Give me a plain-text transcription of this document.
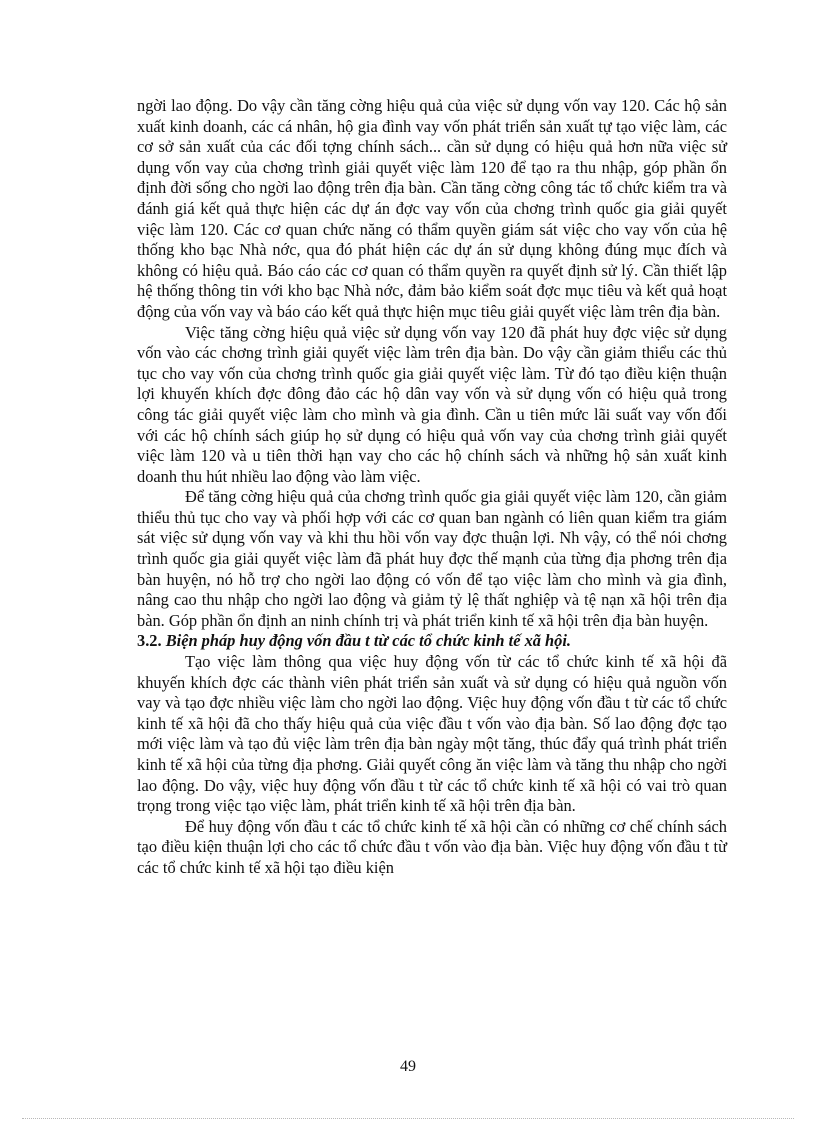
ngời lao động. Do vậy cần tăng cờng hiệu quả của việc sử dụng vốn vay 120. Các hộ sản xuất kinh doanh, các cá nhân, hộ gia đình vay vốn phát triển sản xuất tự tạo việc làm, các cơ sở sản xuất của các đối tợng chính sách... cần sử dụng có hiệu quả hơn nữa việc sử dụng vốn vay của chơng trình giải quyết việc làm 120 để tạo ra thu nhập, góp phần ổn định đời sống cho ngời lao động trên địa bàn. Cần tăng cờng công tác tổ chức kiểm tra và đánh giá kết quả thực hiện các dự án đợc vay vốn của chơng trình quốc gia giải quyết việc làm 120. Các cơ quan chức năng có thẩm quyền giám sát việc cho vay vốn của hệ thống kho bạc Nhà nớc, qua đó phát hiện các dự án sử dụng không đúng mục đích và không có hiệu quả. Báo cáo các cơ quan có thẩm quyền ra quyết định sử lý. Cần thiết lập hệ thống thông tin với kho bạc Nhà nớc, đảm bảo kiểm soát đợc mục tiêu và kết quả hoạt động của vốn vay và báo cáo kết quả thực hiện mục tiêu giải quyết việc làm trên địa bàn.

Việc tăng cờng hiệu quả việc sử dụng vốn vay 120 đã phát huy đợc việc sử dụng vốn vào các chơng trình giải quyết việc làm trên địa bàn. Do vậy cần giảm thiểu các thủ tục cho vay vốn của chơng trình quốc gia giải quyết việc làm. Từ đó tạo điều kiện thuận lợi khuyến khích đợc đông đảo các hộ dân vay vốn và sử dụng vốn có hiệu quả trong công tác giải quyết việc làm cho mình và gia đình. Cần u tiên mức lãi suất vay vốn đối với các hộ chính sách giúp họ sử dụng có hiệu quả vốn vay của chơng trình giải quyết việc làm 120 và u tiên thời hạn vay cho các hộ chính sách và những hộ sản xuất kinh doanh thu hút nhiều lao động vào làm việc.

Để tăng cờng hiệu quả của chơng trình quốc gia giải quyết việc làm 120, cần giảm thiểu thủ tục cho vay và phối hợp với các cơ quan ban ngành có liên quan kiểm tra giám sát việc sử dụng vốn vay và khi thu hồi vốn vay đợc thuận lợi. Nh vậy, có thể nói chơng trình quốc gia giải quyết việc làm đã phát huy đợc thế mạnh của từng địa phơng trên địa bàn huyện, nó hỗ trợ cho ngời lao động có vốn để tạo việc làm cho mình và gia đình, nâng cao thu nhập cho ngời lao động và giảm tỷ lệ thất nghiệp và tệ nạn xã hội trên địa bàn. Góp phần ổn định an ninh chính trị và phát triển kinh tế xã hội trên địa bàn huyện.

3.2. Biện pháp huy động vốn đầu t từ các tổ chức kinh tế xã hội.

Tạo việc làm thông qua việc huy động vốn từ các tổ chức kinh tế xã hội đã khuyến khích đợc các thành viên phát triển sản xuất và sử dụng có hiệu quả nguồn vốn vay và tạo đợc nhiều việc làm cho ngời lao động. Việc huy động vốn đầu t từ các tổ chức kinh tế xã hội đã cho thấy hiệu quả của việc đầu t vốn vào địa bàn. Số lao động đợc tạo mới việc làm và tạo đủ việc làm trên địa bàn ngày một tăng, thúc đẩy quá trình phát triển kinh tế xã hội của từng địa phơng. Giải quyết công ăn việc làm và tăng thu nhập cho ngời lao động. Do vậy, việc huy động vốn đầu t từ các tổ chức kinh tế xã hội có vai trò quan trọng trong việc tạo việc làm, phát triển kinh tế xã hội trên địa bàn.

Để huy động vốn đầu t các tổ chức kinh tế xã hội cần có những cơ chế chính sách tạo điều kiện thuận lợi cho các tổ chức đầu t vốn vào địa bàn. Việc huy động vốn đầu t từ các tổ chức kinh tế xã hội tạo điều kiện

49
